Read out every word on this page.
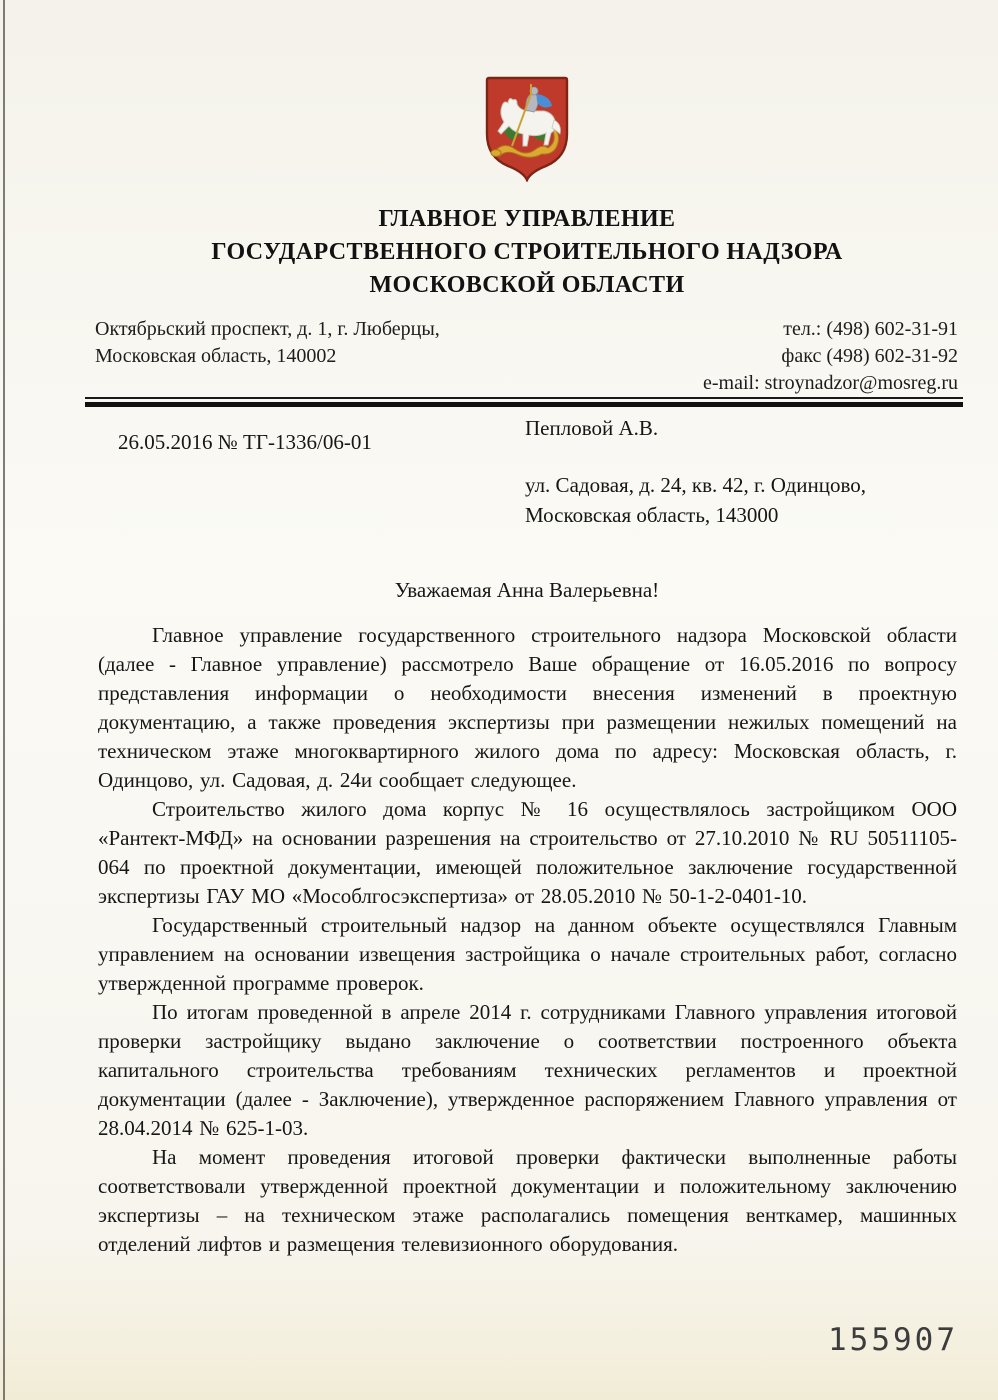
ГЛАВНОЕ УПРАВЛЕНИЕ
ГОСУДАРСТВЕННОГО СТРОИТЕЛЬНОГО НАДЗОРА
МОСКОВСКОЙ ОБЛАСТИ
Октябрьский проспект, д. 1, г. Люберцы,
Московская область, 140002
тел.: (498) 602-31-91
факс (498) 602-31-92
e-mail: stroynadzor@mosreg.ru
26.05.2016 № ТГ-1336/06-01
Пепловой А.В.
ул. Садовая, д. 24, кв. 42, г. Одинцово,
Московская область, 143000
Уважаемая Анна Валерьевна!

Главное управление государственного строительного надзора Московской области (далее - Главное управление) рассмотрело Ваше обращение от 16.05.2016 по вопросу представления информации о необходимости внесения изменений в проектную документацию, а также проведения экспертизы при размещении нежилых помещений на техническом этаже многоквартирного жилого дома по адресу: Московская область, г. Одинцово, ул. Садовая, д. 24и сообщает следующее.

Строительство жилого дома корпус № 16 осуществлялось застройщиком ООО «Рантект-МФД» на основании разрешения на строительство от 27.10.2010 № RU 50511105-064 по проектной документации, имеющей положительное заключение государственной экспертизы ГАУ МО «Мособлгосэкспертиза» от 28.05.2010 № 50-1-2-0401-10.

Государственный строительный надзор на данном объекте осуществлялся Главным управлением на основании извещения застройщика о начале строительных работ, согласно утвержденной программе проверок.

По итогам проведенной в апреле 2014 г. сотрудниками Главного управления итоговой проверки застройщику выдано заключение о соответствии построенного объекта капитального строительства требованиям технических регламентов и проектной документации (далее - Заключение), утвержденное распоряжением Главного управления от 28.04.2014 № 625-1-03.

На момент проведения итоговой проверки фактически выполненные работы соответствовали утвержденной проектной документации и положительному заключению экспертизы – на техническом этаже располагались помещения венткамер, машинных отделений лифтов и размещения телевизионного оборудования.

155907
